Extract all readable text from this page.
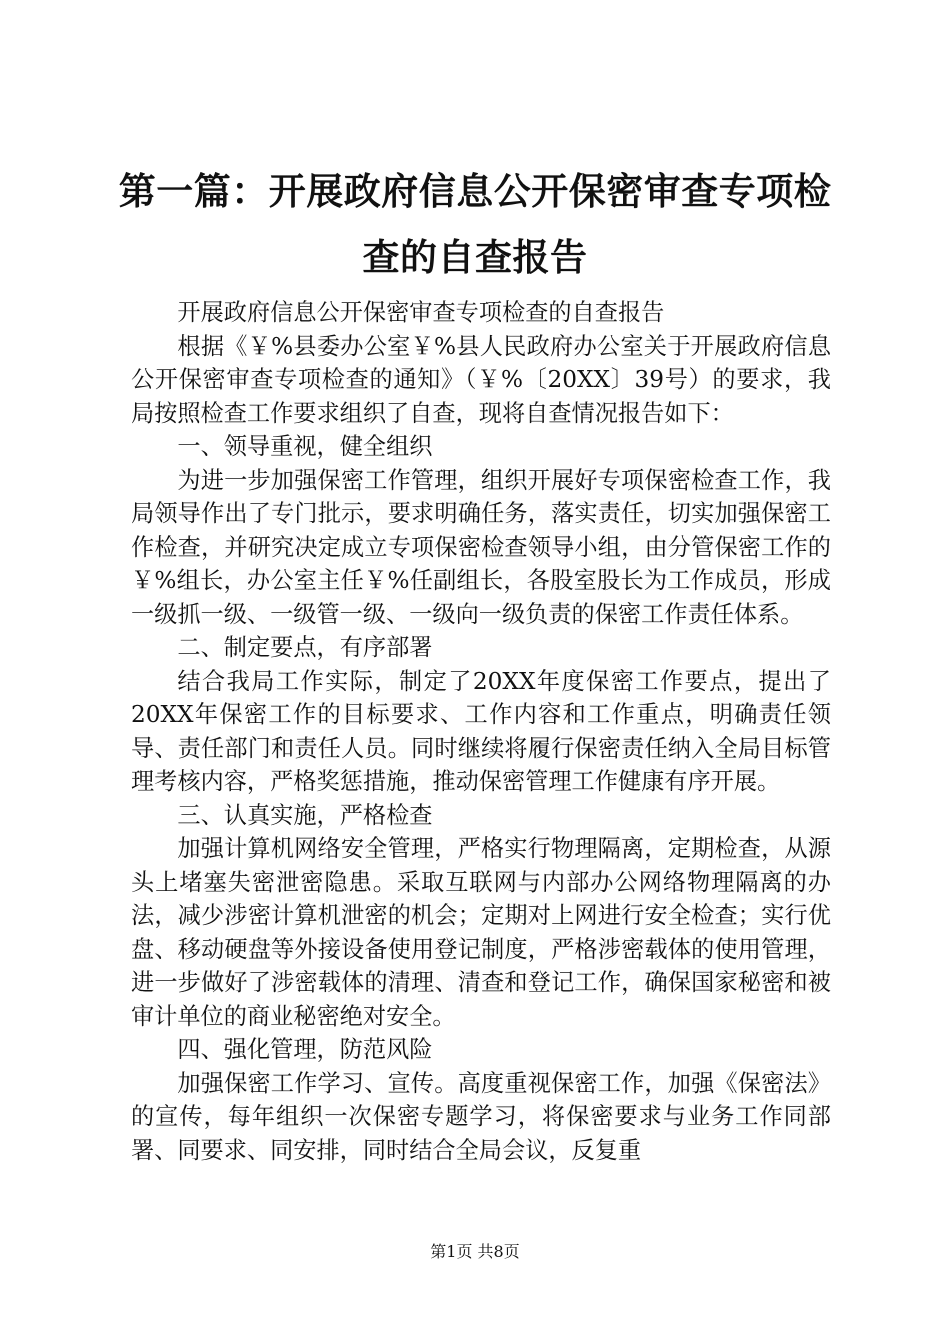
第一篇：开展政府信息公开保密审查专项检查的自查报告

开展政府信息公开保密审查专项检查的自查报告

根据《￥%县委办公室￥%县人民政府办公室关于开展政府信息公开保密审查专项检查的通知》（￥%〔20XX〕39号）的要求，我局按照检查工作要求组织了自查，现将自查情况报告如下：

一、领导重视，健全组织

为进一步加强保密工作管理，组织开展好专项保密检查工作，我局领导作出了专门批示，要求明确任务，落实责任，切实加强保密工作检查，并研究决定成立专项保密检查领导小组，由分管保密工作的￥%组长，办公室主任￥%任副组长，各股室股长为工作成员，形成一级抓一级、一级管一级、一级向一级负责的保密工作责任体系。

二、制定要点，有序部署

结合我局工作实际，制定了20XX年度保密工作要点，提出了20XX年保密工作的目标要求、工作内容和工作重点，明确责任领导、责任部门和责任人员。同时继续将履行保密责任纳入全局目标管理考核内容，严格奖惩措施，推动保密管理工作健康有序开展。

三、认真实施，严格检查

加强计算机网络安全管理，严格实行物理隔离，定期检查，从源头上堵塞失密泄密隐患。采取互联网与内部办公网络物理隔离的办法，减少涉密计算机泄密的机会；定期对上网进行安全检查；实行优盘、移动硬盘等外接设备使用登记制度，严格涉密载体的使用管理，进一步做好了涉密载体的清理、清查和登记工作，确保国家秘密和被审计单位的商业秘密绝对安全。

四、强化管理，防范风险

加强保密工作学习、宣传。高度重视保密工作，加强《保密法》的宣传，每年组织一次保密专题学习，将保密要求与业务工作同部署、同要求、同安排，同时结合全局会议，反复重

第1页 共8页
